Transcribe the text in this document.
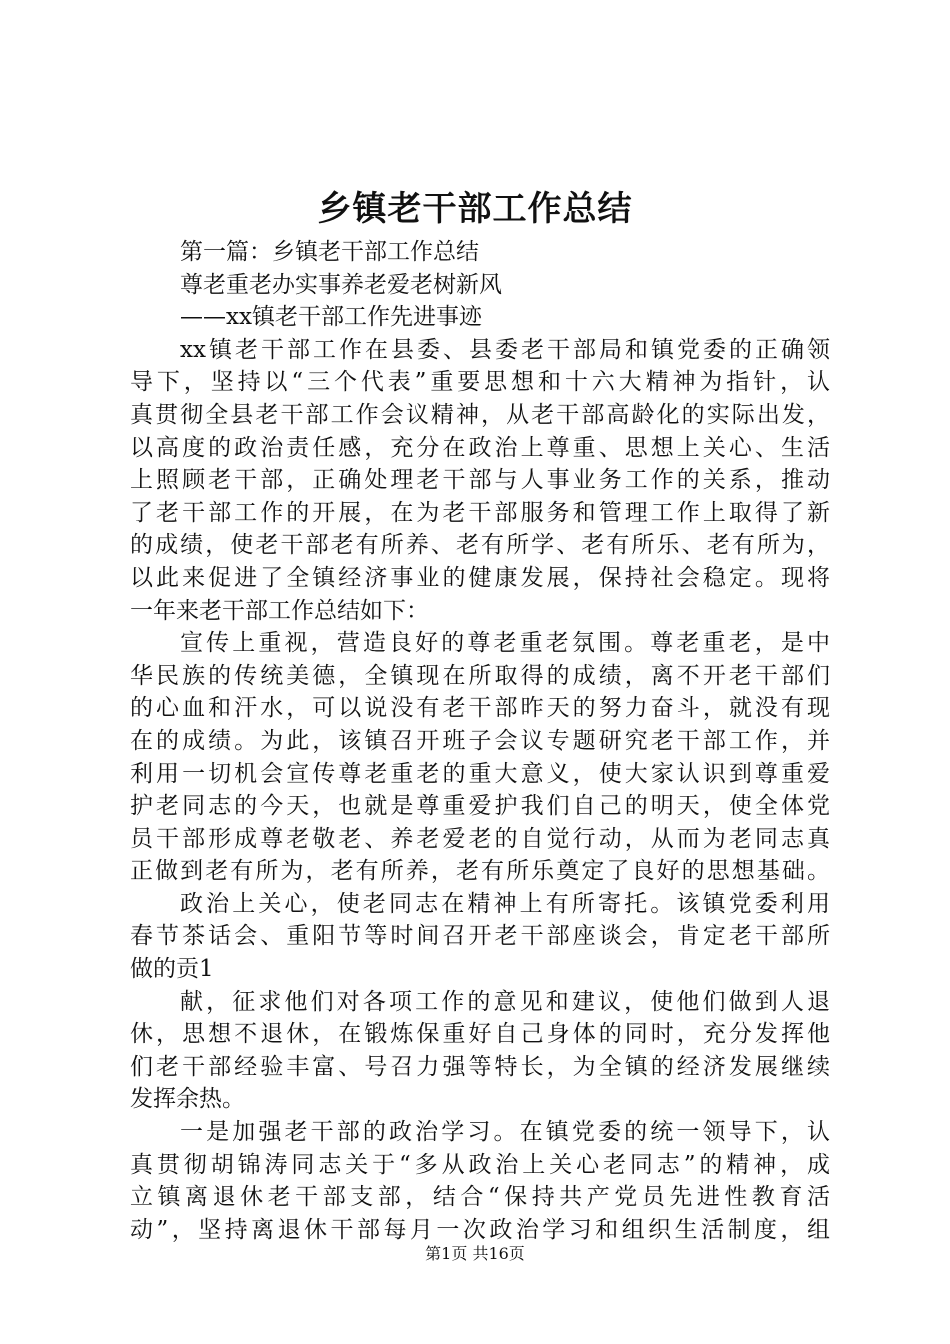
乡镇老干部工作总结
第一篇：乡镇老干部工作总结
尊老重老办实事养老爱老树新风
——xx镇老干部工作先进事迹
xx镇老干部工作在县委、县委老干部局和镇党委的正确领
导下，坚持以“三个代表”重要思想和十六大精神为指针，认
真贯彻全县老干部工作会议精神，从老干部高龄化的实际出发，
以高度的政治责任感，充分在政治上尊重、思想上关心、生活
上照顾老干部，正确处理老干部与人事业务工作的关系，推动
了老干部工作的开展，在为老干部服务和管理工作上取得了新
的成绩，使老干部老有所养、老有所学、老有所乐、老有所为，
以此来促进了全镇经济事业的健康发展，保持社会稳定。现将
一年来老干部工作总结如下：
宣传上重视，营造良好的尊老重老氛围。尊老重老，是中
华民族的传统美德，全镇现在所取得的成绩，离不开老干部们
的心血和汗水，可以说没有老干部昨天的努力奋斗，就没有现
在的成绩。为此，该镇召开班子会议专题研究老干部工作，并
利用一切机会宣传尊老重老的重大意义，使大家认识到尊重爱
护老同志的今天，也就是尊重爱护我们自己的明天，使全体党
员干部形成尊老敬老、养老爱老的自觉行动，从而为老同志真
正做到老有所为，老有所养，老有所乐奠定了良好的思想基础。
政治上关心，使老同志在精神上有所寄托。该镇党委利用
春节茶话会、重阳节等时间召开老干部座谈会，肯定老干部所
做的贡1
献，征求他们对各项工作的意见和建议，使他们做到人退
休，思想不退休，在锻炼保重好自己身体的同时，充分发挥他
们老干部经验丰富、号召力强等特长，为全镇的经济发展继续
发挥余热。
一是加强老干部的政治学习。在镇党委的统一领导下，认
真贯彻胡锦涛同志关于“多从政治上关心老同志”的精神，成
立镇离退休老干部支部，结合“保持共产党员先进性教育活
动”，坚持离退休干部每月一次政治学习和组织生活制度，组

第1页 共16页
